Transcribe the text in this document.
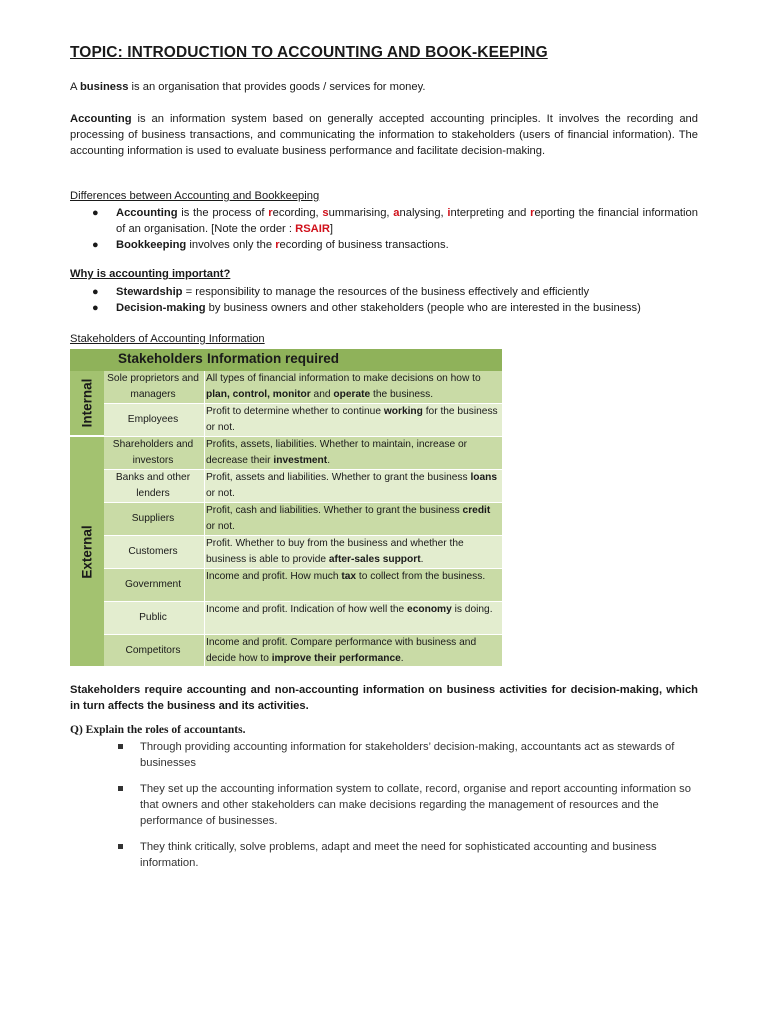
TOPIC: INTRODUCTION TO ACCOUNTING AND BOOK-KEEPING
A business is an organisation that provides goods / services for money.
Accounting is an information system based on generally accepted accounting principles. It involves the recording and processing of business transactions, and communicating the information to stakeholders (users of financial information). The accounting information is used to evaluate business performance and facilitate decision-making.
Differences between Accounting and Bookkeeping
● Accounting is the process of recording, summarising, analysing, interpreting and reporting the financial information of an organisation. [Note the order : RSAIR]
● Bookkeeping involves only the recording of business transactions.
Why is accounting important?
● Stewardship = responsibility to manage the resources of the business effectively and efficiently
● Decision-making by business owners and other stakeholders (people who are interested in the business)
Stakeholders of Accounting Information
Stakeholders Information required
Internal
External
Sole proprietors and managers
All types of financial information to make decisions on how to plan, control, monitor and operate the business.
Employees
Profit to determine whether to continue working for the business or not.
Shareholders and investors
Profits, assets, liabilities. Whether to maintain, increase or decrease their investment.
Banks and other lenders
Profit, assets and liabilities. Whether to grant the business loans or not.
Suppliers
Profit, cash and liabilities. Whether to grant the business credit or not.
Customers
Profit. Whether to buy from the business and whether the business is able to provide after-sales support.
Government
Income and profit. How much tax to collect from the business.
Public
Income and profit. Indication of how well the economy is doing.
Competitors
Income and profit. Compare performance with business and decide how to improve their performance.
Stakeholders require accounting and non-accounting information on business activities for decision-making, which in turn affects the business and its activities.
Q) Explain the roles of accountants.
Through providing accounting information for stakeholders’ decision-making, accountants act as stewards of businesses
They set up the accounting information system to collate, record, organise and report accounting information so that owners and other stakeholders can make decisions regarding the management of resources and the performance of businesses.
They think critically, solve problems, adapt and meet the need for sophisticated accounting and business information.
